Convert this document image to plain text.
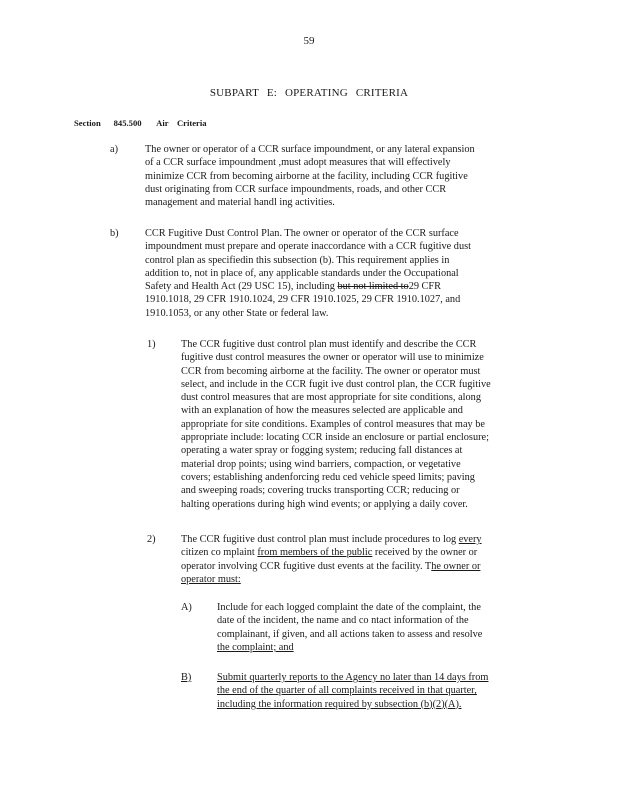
59
SUBPART E: OPERATING CRITERIA
Section      845.500       Air    Criteria
a)	The owner or operator of a CCR surface impoundment, or any lateral expansion
of a CCR surface impoundment ,must adopt measures that will effectively
minimize CCR from becoming airborne at the facility, including CCR fugitive
dust originating from CCR surface impoundments, roads, and other CCR
management and material handl ing activities.
b)	CCR Fugitive Dust Control Plan. The owner or operator of the CCR surface
impoundment must prepare and operate inaccordance with a CCR fugitive dust
control plan as specifiedin this subsection (b). This requirement applies in
addition to, not in place of, any applicable standards under the Occupational
Safety and Health Act (29 USC 15), including but not limited to29 CFR
1910.1018, 29 CFR 1910.1024, 29 CFR 1910.1025, 29 CFR 1910.1027, and
1910.1053, or any other State or federal law.
1) The CCR fugitive dust control plan must identify and describe the CCR
fugitive dust control measures the owner or operator will use to minimize
CCR from becoming airborne at the facility. The owner or operator must
select, and include in the CCR fugit ive dust control plan, the CCR fugitive
dust control measures that are most appropriate for site conditions, along
with an explanation of how the measures selected are applicable and
appropriate for site conditions. Examples of control measures that may be
appropriate include: locating CCR inside an enclosure or partial enclosure;
operating a water spray or fogging system; reducing fall distances at
material drop points; using wind barriers, compaction, or vegetative
covers; establishing andenforcing redu ced vehicle speed limits; paving
and sweeping roads; covering trucks transporting CCR; reducing or
halting operations during high wind events; or applying a daily cover.
2) The CCR fugitive dust control plan must include procedures to log every
citizen co mplaint from members of the public received by the owner or
operator involving CCR fugitive dust events at the facility. The owner or
operator must:
A) Include for each logged complaint the date of the complaint, the
date of the incident, the name and co ntact information of the
complainant, if given, and all actions taken to assess and resolve
the complaint; and
B) Submit quarterly reports to the Agency no later than 14 days from
the end of the quarter of all complaints received in that quarter,
including the information required by subsection (b)(2)(A).
